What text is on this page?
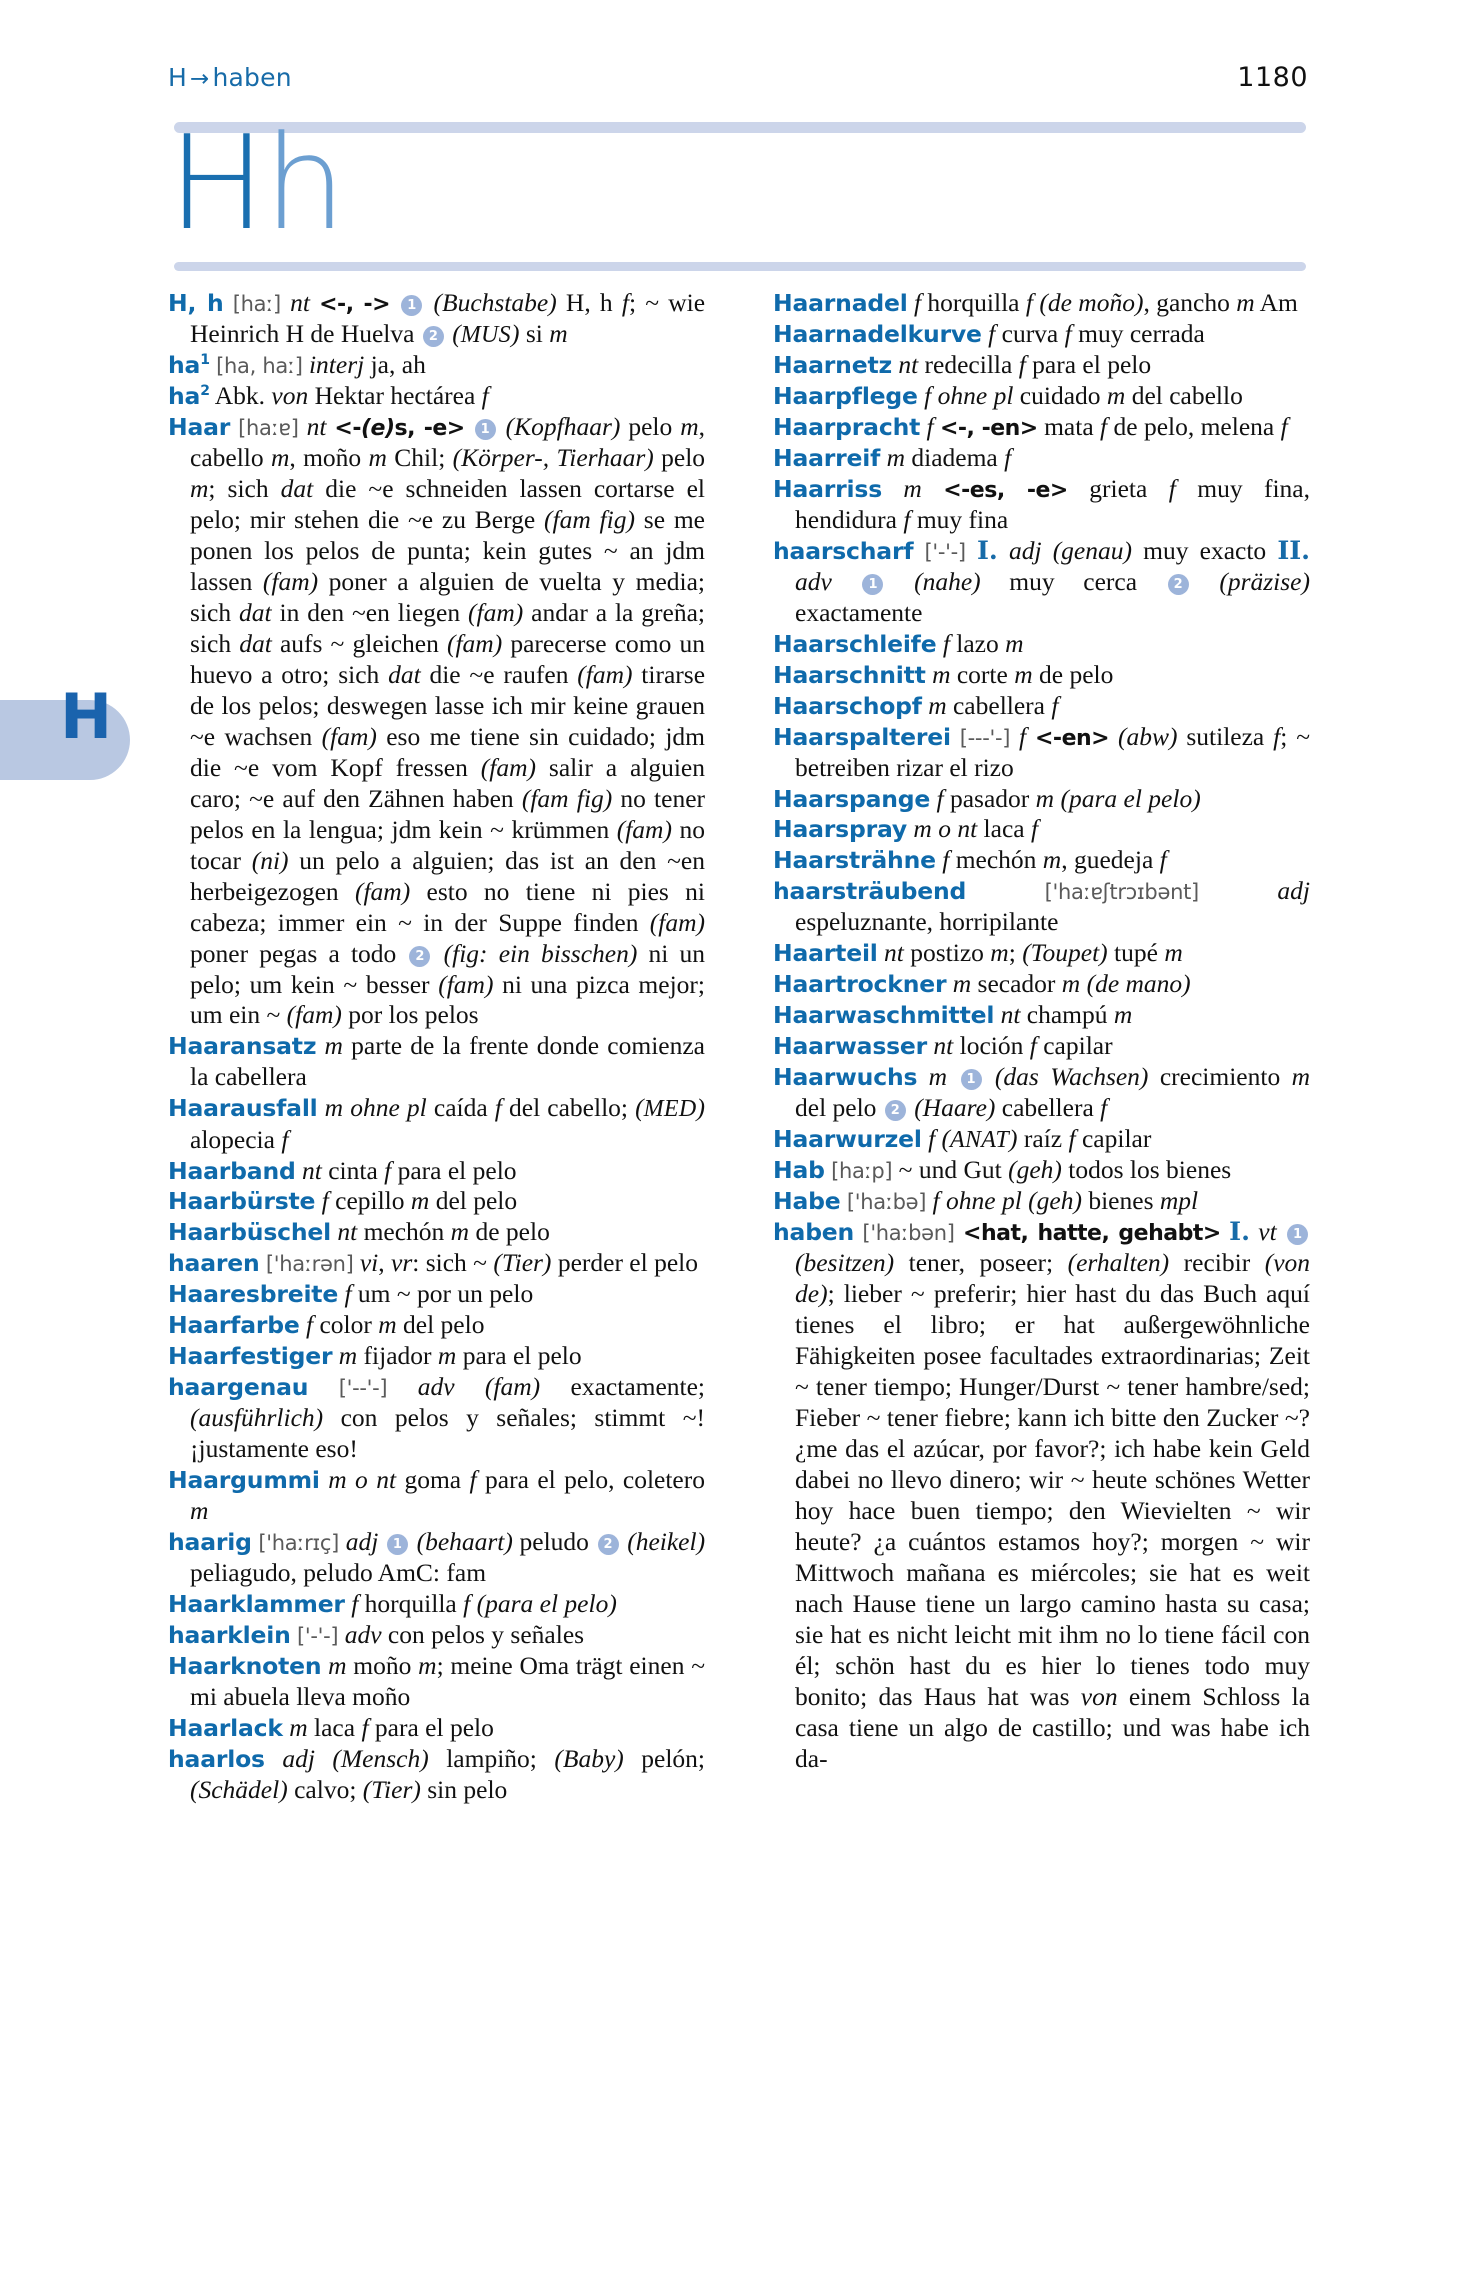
H → haben	1180
Hh
H

H, h [haː] nt <-, -> 1 (Buchstabe) H, h f; ~ wie Heinrich H de Huelva 2 (MUS) si m

$ha^1$ [ha, haː] interj ja, ah

$ha^2$ Abk. von Hektar hectárea f

Haar [haːɐ] nt <-(e)s, -e> 1 (Kopfhaar) pelo m, cabello m, moño m Chil; (Körper-, Tierhaar) pelo m; sich dat die ~e schneiden lassen cortarse el pelo; mir stehen die ~e zu Berge (fam fig) se me ponen los pelos de punta; kein gutes ~ an jdm lassen (fam) poner a alguien de vuelta y media; sich dat in den ~en liegen (fam) andar a la greña; sich dat aufs ~ gleichen (fam) parecerse como un huevo a otro; sich dat die ~e raufen (fam) tirarse de los pelos; deswegen lasse ich mir keine grauen ~e wachsen (fam) eso me tiene sin cuidado; jdm die ~e vom Kopf fressen (fam) salir a alguien caro; ~e auf den Zähnen haben (fam fig) no tener pelos en la lengua; jdm kein ~ krümmen (fam) no tocar (ni) un pelo a alguien; das ist an den ~en herbeigezogen (fam) esto no tiene ni pies ni cabeza; immer ein ~ in der Suppe finden (fam) poner pegas a todo 2 (fig: ein bisschen) ni un pelo; um kein ~ besser (fam) ni una pizca mejor; um ein ~ (fam) por los pelos

Haaransatz m parte de la frente donde comienza la cabellera

Haarausfall m ohne pl caída f del cabello; (MED) alopecia f

Haarband nt cinta f para el pelo

Haarbürste f cepillo m del pelo

Haarbüschel nt mechón m de pelo

haaren ['haːrən] vi, vr: sich ~ (Tier) perder el pelo

Haaresbreite f um ~ por un pelo

Haarfarbe f color m del pelo

Haarfestiger m fijador m para el pelo

haargenau ['--'-] adv (fam) exactamente; (ausführlich) con pelos y señales; stimmt ~! ¡justamente eso!

Haargummi m o nt goma f para el pelo, coletero m

haarig ['haːrɪç] adj 1 (behaart) peludo 2 (heikel) peliagudo, peludo AmC: fam

Haarklammer f horquilla f (para el pelo)

haarklein ['-'-] adv con pelos y señales

Haarknoten m moño m; meine Oma trägt einen ~ mi abuela lleva moño

Haarlack m laca f para el pelo

haarlos adj (Mensch) lampiño; (Baby) pelón; (Schädel) calvo; (Tier) sin pelo

Haarnadel f horquilla f (de moño), gancho m Am

Haarnadelkurve f curva f muy cerrada

Haarnetz nt redecilla f para el pelo

Haarpflege f ohne pl cuidado m del cabello

Haarpracht f <-, -en> mata f de pelo, melena f

Haarreif m diadema f

Haarriss m <-es, -e> grieta f muy fina, hendidura f muy fina

haarscharf ['-'-] I. adj (genau) muy exacto II. adv	1 (nahe) muy cerca 2 (präzise) exactamente

Haarschleife f lazo m

Haarschnitt m corte m de pelo

Haarschopf m cabellera f

Haarspalterei [---'-] f <-en> (abw) sutileza f; ~ betreiben rizar el rizo

Haarspange f pasador m (para el pelo)

Haarspray m o nt laca f

Haarsträhne f mechón m, guedeja f

haarsträubend	['haːɐʃtrɔɪbənt]	adj espeluznante, horripilante

Haarteil nt postizo m; (Toupet) tupé m

Haartrockner m secador m (de mano)

Haarwaschmittel nt champú m

Haarwasser nt loción f capilar

Haarwuchs m 1 (das Wachsen) crecimiento m del pelo 2 (Haare) cabellera f

Haarwurzel f (ANAT) raíz f capilar

Hab [haːp] ~ und Gut (geh) todos los bienes

Habe ['haːbə] f ohne pl (geh) bienes mpl

haben ['haːbən] <hat, hatte, gehabt> I. vt 1 (besitzen) tener, poseer; (erhalten) recibir (von de); lieber ~ preferir; hier hast du das Buch aquí tienes el libro; er hat außergewöhnliche Fähigkeiten posee facultades extraordinarias; Zeit ~ tener tiempo; Hunger/Durst ~ tener hambre/sed; Fieber ~ tener fiebre; kann ich bitte den Zucker ~? ¿me das el azúcar, por favor?; ich habe kein Geld dabei no llevo dinero; wir ~ heute schönes Wetter hoy hace buen tiempo; den Wievielten ~ wir heute? ¿a cuántos estamos hoy?; morgen ~ wir Mittwoch mañana es miércoles; sie hat es weit nach Hause tiene un largo camino hasta su casa; sie hat es nicht leicht mit ihm no lo tiene fácil con él; schön hast du es hier lo tienes todo muy bonito; das Haus hat was von einem Schloss la casa tiene un algo de castillo; und was habe ich da-
